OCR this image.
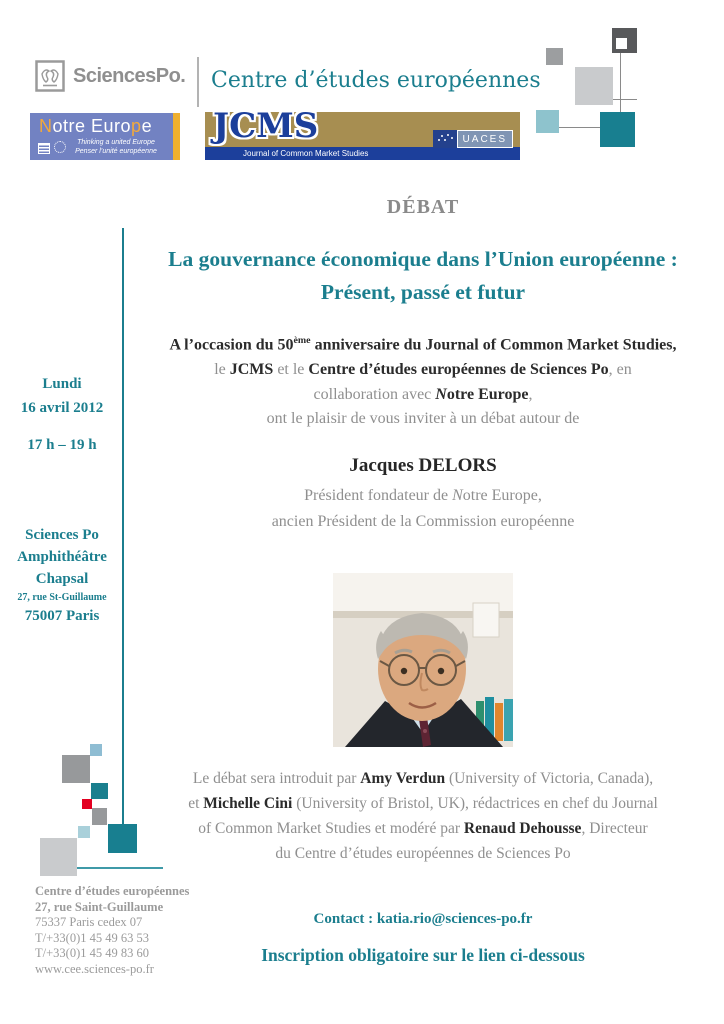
SciencesPo. Centre d’études européennes
Notre Europe
Thinking a united Europe
Penser l’unité européenne
JCMS
Journal of Common Market Studies
UACES
DÉBAT
La gouvernance économique dans l’Union européenne :
Présent, passé et futur
A l’occasion du 50ème anniversaire du Journal of Common Market Studies,
le JCMS et le Centre d’études européennes de Sciences Po, en
collaboration avec Notre Europe,
ont le plaisir de vous inviter à un débat autour de
Jacques DELORS
Président fondateur de Notre Europe,
ancien Président de la Commission européenne
Le débat sera introduit par Amy Verdun (University of Victoria, Canada),
et Michelle Cini (University of Bristol, UK), rédactrices en chef du Journal
of Common Market Studies et modéré par Renaud Dehousse, Directeur
du Centre d’études européennes de Sciences Po
Contact : katia.rio@sciences-po.fr
Inscription obligatoire sur le lien ci-dessous
Lundi
16 avril 2012
17 h – 19 h
Sciences Po
Amphithéâtre
Chapsal
27, rue St-Guillaume
75007 Paris
Centre d’études européennes
27, rue Saint-Guillaume
75337 Paris cedex 07
T/+33(0)1 45 49 63 53
T/+33(0)1 45 49 83 60
www.cee.sciences-po.fr
